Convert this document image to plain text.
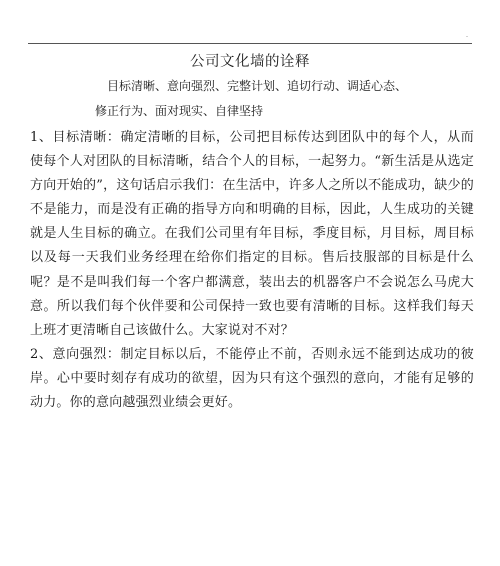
-
公司文化墙的诠释
目标清晰、意向强烈、完整计划、追切行动、调适心态、
修正行为、面对现实、自律坚持

1、目标清晰：确定清晰的目标，公司把目标传达到团队中的每个人，从而使每个人对团队的目标清晰，结合个人的目标，一起努力。“新生活是从选定方向开始的”，这句话启示我们：在生活中，许多人之所以不能成功，缺少的不是能力，而是没有正确的指导方向和明确的目标，因此，人生成功的关键就是人生目标的确立。在我们公司里有年目标，季度目标，月目标，周目标以及每一天我们业务经理在给你们指定的目标。售后技服部的目标是什么呢？是不是叫我们每一个客户都满意，装出去的机器客户不会说怎么马虎大意。所以我们每个伙伴要和公司保持一致也要有清晰的目标。这样我们每天上班才更清晰自己该做什么。大家说对不对？

2、意向强烈：制定目标以后，不能停止不前，否则永远不能到达成功的彼岸。心中要时刻存有成功的欲望，因为只有这个强烈的意向，才能有足够的动力。你的意向越强烈业绩会更好。
